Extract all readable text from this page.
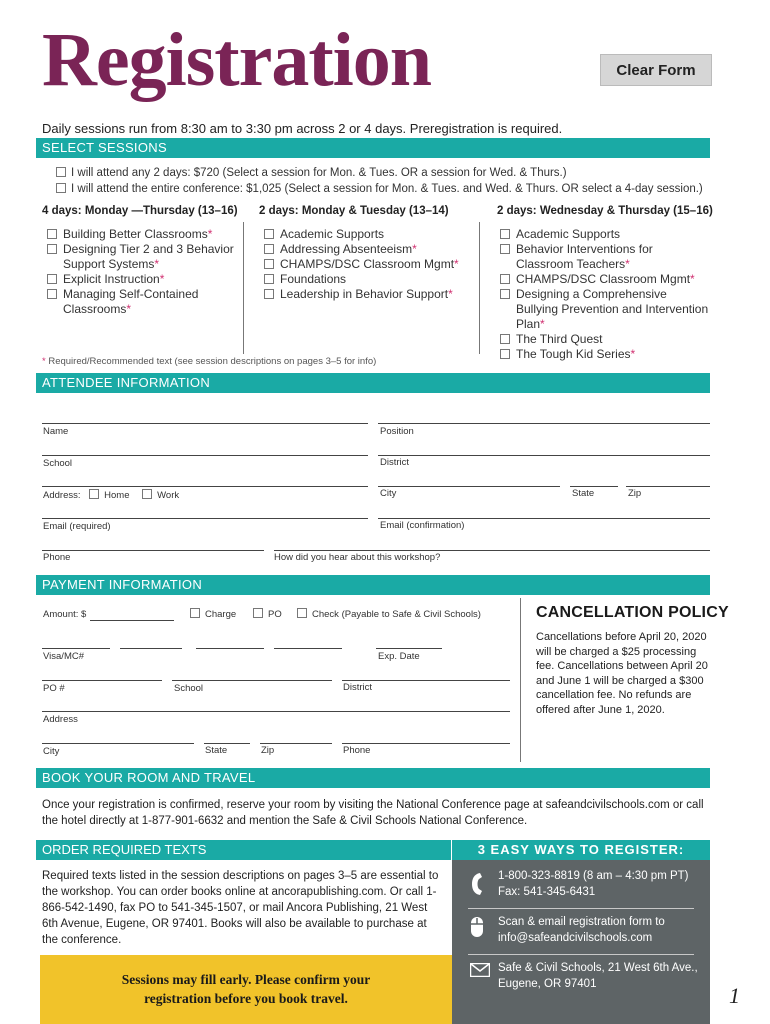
Registration	Clear Form
Daily sessions run from 8:30 am to 3:30 pm across 2 or 4 days. Preregistration is required.
SELECT SESSIONS
I will attend any 2 days: $720 (Select a session for Mon. & Tues. OR a session for Wed. & Thurs.)
I will attend the entire conference: $1,025 (Select a session for Mon. & Tues. and Wed. & Thurs. OR select a 4-day session.)
4 days: Monday —Thursday (13–16) 2 days: Monday & Tuesday (13–14)	2 days: Wednesday & Thursday (15–16)
Building Better Classrooms*
Designing Tier 2 and 3 Behavior Support Systems*
Explicit Instruction*
Managing Self-Contained Classrooms*
Academic Supports
Addressing Absenteeism*
CHAMPS/DSC Classroom Mgmt*
Foundations
Leadership in Behavior Support*
Academic Supports
Behavior Interventions for Classroom Teachers*
CHAMPS/DSC Classroom Mgmt*
Designing a Comprehensive Bullying Prevention and Intervention Plan*
The Third Quest
The Tough Kid Series*
* Required/Recommended text (see session descriptions on pages 3–5 for info)
ATTENDEE INFORMATION
Name	Position
School	District
Address: Home	Work	City	State	Zip
Email (required)	Email (confirmation)
Phone	How did you hear about this workshop?
PAYMENT INFORMATION
Amount: $	Charge	PO	Check (Payable to Safe & Civil Schools)
Visa/MC#	Exp. Date
PO #	School	District
Address
City	State	Zip	Phone
CANCELLATION POLICY
Cancellations before April 20, 2020 will be charged a $25 processing fee. Cancellations between April 20 and June 1 will be charged a $300 cancellation fee. No refunds are offered after June 1, 2020.
BOOK YOUR ROOM AND TRAVEL
Once your registration is confirmed, reserve your room by visiting the National Conference page at safeandcivilschools.com or call the hotel directly at 1-877-901-6632 and mention the Safe & Civil Schools National Conference.
ORDER REQUIRED TEXTS
Required texts listed in the session descriptions on pages 3–5 are essential to the workshop. You can order books online at ancorapublishing.com. Or call 1-866-542-1490, fax PO to 541-345-1507, or mail Ancora Publishing, 21 West 6th Avenue, Eugene, OR 97401. Books will also be available to purchase at the conference.
3 EASY WAYS TO REGISTER:
1-800-323-8819 (8 am – 4:30 pm PT)
Fax: 541-345-6431
Scan & email registration form to
info@safeandcivilschools.com
Safe & Civil Schools, 21 West 6th Ave.,
Eugene, OR 97401
Sessions may fill early. Please confirm your
registration before you book travel.	1
